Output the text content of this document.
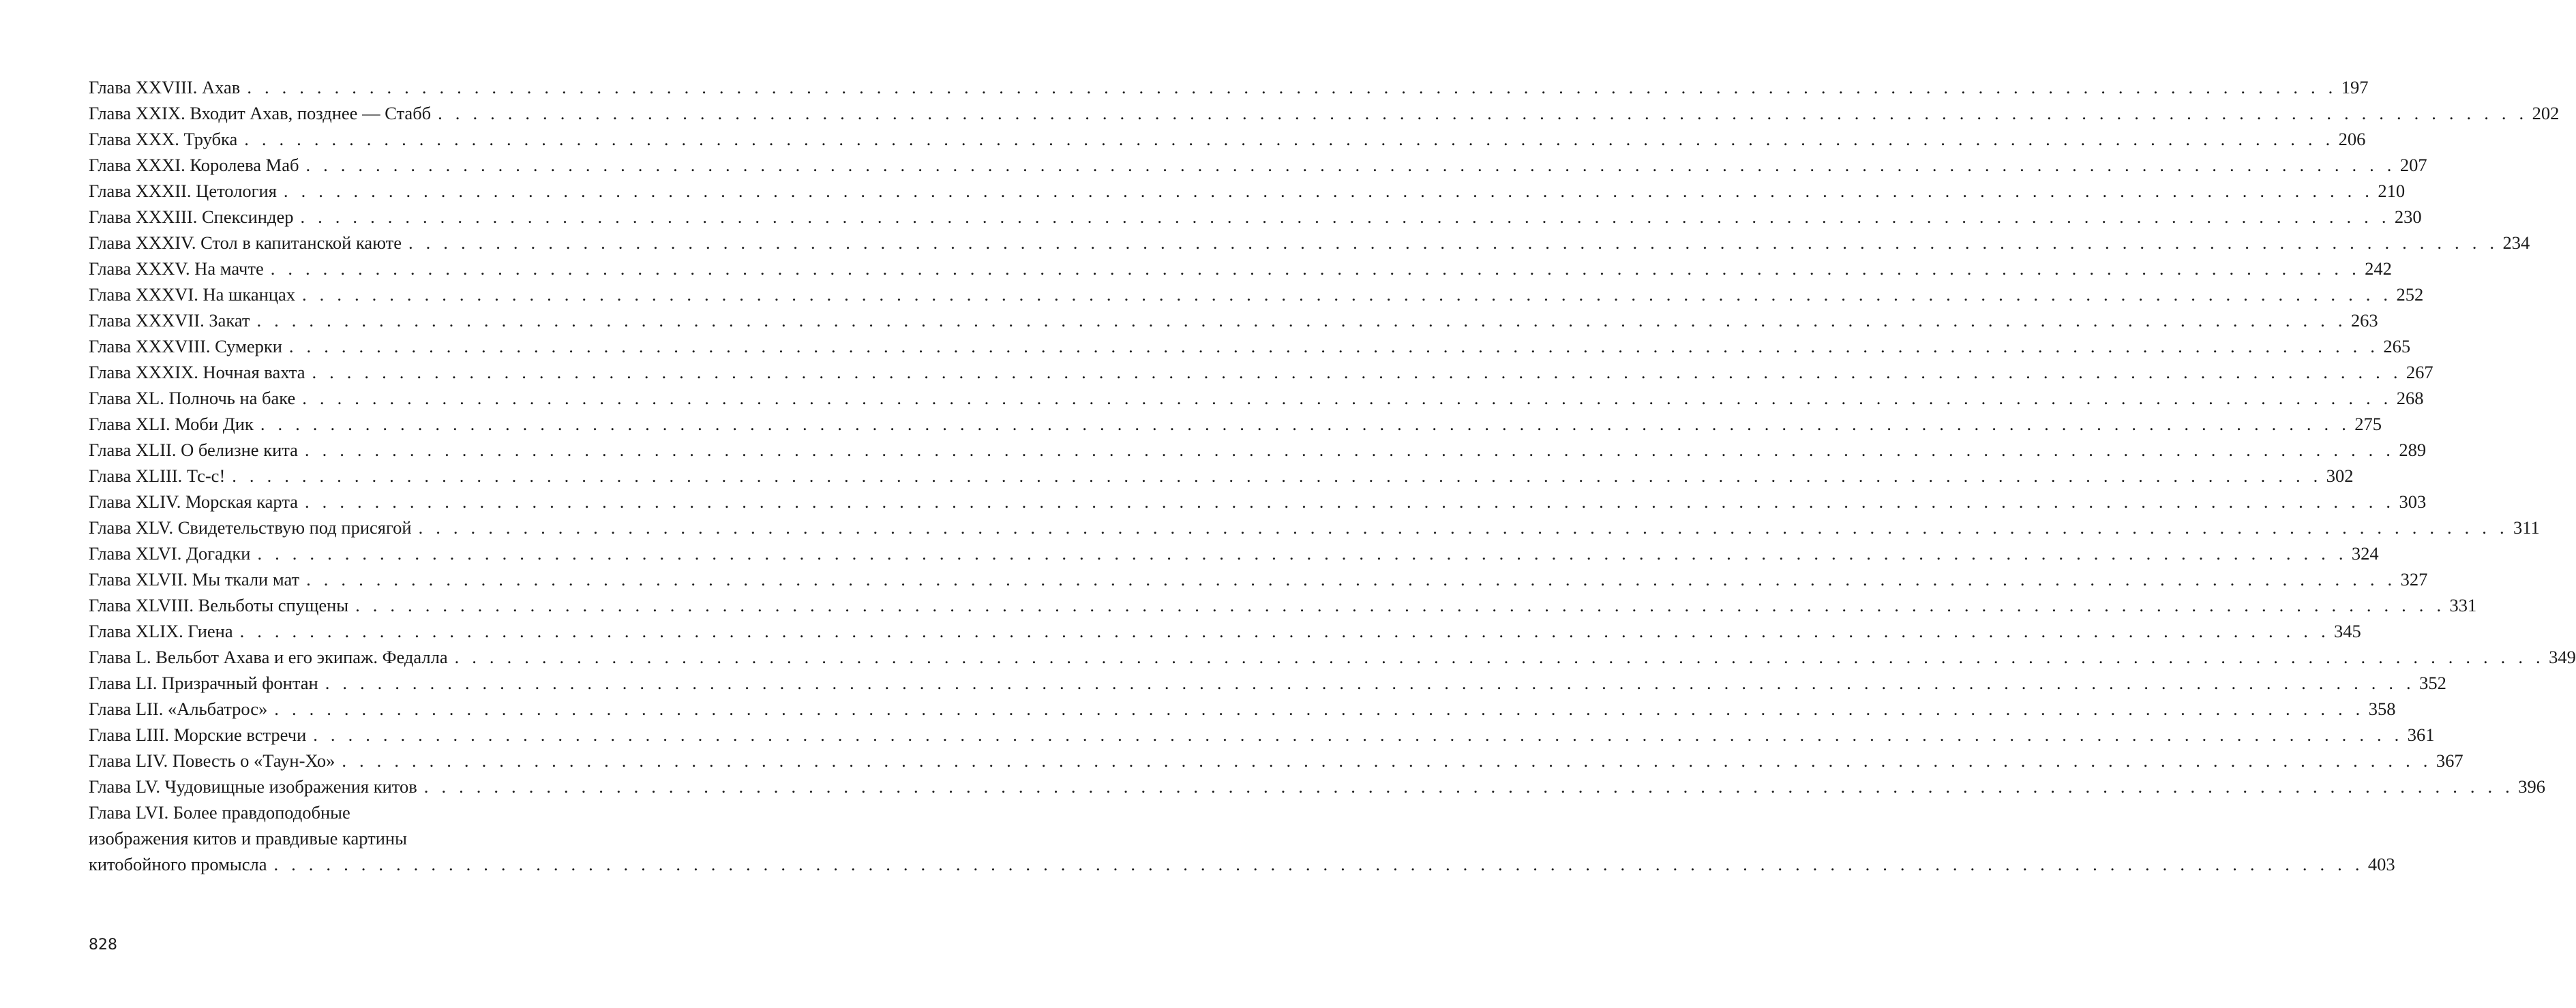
Глава XXVIII. Ахав . . . . . . . . . . . . . . . . . . . . . . . . . . . . . . . . . . . . . . . . . . . . . . . . . . . . . . . . . . . . . . . . . . . . . . . . . . . . . . . . . . . . . . . . . . . . . . . . . . . . . . . . . . . . . . . . . . . . . . . . 197
Глава XXIX. Входит Ахав, позднее — Стабб . . . . . . . . . . . . . . . . . . . . . . . . . . . . . . . . . . . . . . . . . . . . . . . . . . . . . . . . . . . . . . . . . . . . . . . . . . . . . . . . . . . . . . . . . . . . . . . . . . . . . . . . . . . . . . . . . . . . . . . . 202
Глава XXX. Трубка . . . . . . . . . . . . . . . . . . . . . . . . . . . . . . . . . . . . . . . . . . . . . . . . . . . . . . . . . . . . . . . . . . . . . . . . . . . . . . . . . . . . . . . . . . . . . . . . . . . . . . . . . . . . . . . . . . . . . . . . 206
Глава XXXI. Королева Маб . . . . . . . . . . . . . . . . . . . . . . . . . . . . . . . . . . . . . . . . . . . . . . . . . . . . . . . . . . . . . . . . . . . . . . . . . . . . . . . . . . . . . . . . . . . . . . . . . . . . . . . . . . . . . . . . . . . . . . . . 207
Глава XXXII. Цетология . . . . . . . . . . . . . . . . . . . . . . . . . . . . . . . . . . . . . . . . . . . . . . . . . . . . . . . . . . . . . . . . . . . . . . . . . . . . . . . . . . . . . . . . . . . . . . . . . . . . . . . . . . . . . . . . . . . . . . . . 210
Глава XXXIII. Спексиндер . . . . . . . . . . . . . . . . . . . . . . . . . . . . . . . . . . . . . . . . . . . . . . . . . . . . . . . . . . . . . . . . . . . . . . . . . . . . . . . . . . . . . . . . . . . . . . . . . . . . . . . . . . . . . . . . . . . . . . . . 230
Глава XXXIV. Стол в капитанской каюте . . . . . . . . . . . . . . . . . . . . . . . . . . . . . . . . . . . . . . . . . . . . . . . . . . . . . . . . . . . . . . . . . . . . . . . . . . . . . . . . . . . . . . . . . . . . . . . . . . . . . . . . . . . . . . . . . . . . . . . . 234
Глава XXXV. На мачте . . . . . . . . . . . . . . . . . . . . . . . . . . . . . . . . . . . . . . . . . . . . . . . . . . . . . . . . . . . . . . . . . . . . . . . . . . . . . . . . . . . . . . . . . . . . . . . . . . . . . . . . . . . . . . . . . . . . . . . . 242
Глава XXXVI. На шканцах . . . . . . . . . . . . . . . . . . . . . . . . . . . . . . . . . . . . . . . . . . . . . . . . . . . . . . . . . . . . . . . . . . . . . . . . . . . . . . . . . . . . . . . . . . . . . . . . . . . . . . . . . . . . . . . . . . . . . . . . 252
Глава XXXVII. Закат . . . . . . . . . . . . . . . . . . . . . . . . . . . . . . . . . . . . . . . . . . . . . . . . . . . . . . . . . . . . . . . . . . . . . . . . . . . . . . . . . . . . . . . . . . . . . . . . . . . . . . . . . . . . . . . . . . . . . . . . 263
Глава XXXVIII. Сумерки . . . . . . . . . . . . . . . . . . . . . . . . . . . . . . . . . . . . . . . . . . . . . . . . . . . . . . . . . . . . . . . . . . . . . . . . . . . . . . . . . . . . . . . . . . . . . . . . . . . . . . . . . . . . . . . . . . . . . . . . 265
Глава XXXIX. Ночная вахта . . . . . . . . . . . . . . . . . . . . . . . . . . . . . . . . . . . . . . . . . . . . . . . . . . . . . . . . . . . . . . . . . . . . . . . . . . . . . . . . . . . . . . . . . . . . . . . . . . . . . . . . . . . . . . . . . . . . . . . . 267
Глава XL. Полночь на баке . . . . . . . . . . . . . . . . . . . . . . . . . . . . . . . . . . . . . . . . . . . . . . . . . . . . . . . . . . . . . . . . . . . . . . . . . . . . . . . . . . . . . . . . . . . . . . . . . . . . . . . . . . . . . . . . . . . . . . . . 268
Глава XLI. Моби Дик . . . . . . . . . . . . . . . . . . . . . . . . . . . . . . . . . . . . . . . . . . . . . . . . . . . . . . . . . . . . . . . . . . . . . . . . . . . . . . . . . . . . . . . . . . . . . . . . . . . . . . . . . . . . . . . . . . . . . . . . 275
Глава XLII. О белизне кита . . . . . . . . . . . . . . . . . . . . . . . . . . . . . . . . . . . . . . . . . . . . . . . . . . . . . . . . . . . . . . . . . . . . . . . . . . . . . . . . . . . . . . . . . . . . . . . . . . . . . . . . . . . . . . . . . . . . . . . . 289
Глава XLIII. Тс-с! . . . . . . . . . . . . . . . . . . . . . . . . . . . . . . . . . . . . . . . . . . . . . . . . . . . . . . . . . . . . . . . . . . . . . . . . . . . . . . . . . . . . . . . . . . . . . . . . . . . . . . . . . . . . . . . . . . . . . . . . 302
Глава XLIV. Морская карта . . . . . . . . . . . . . . . . . . . . . . . . . . . . . . . . . . . . . . . . . . . . . . . . . . . . . . . . . . . . . . . . . . . . . . . . . . . . . . . . . . . . . . . . . . . . . . . . . . . . . . . . . . . . . . . . . . . . . . . . 303
Глава XLV. Свидетельствую под присягой . . . . . . . . . . . . . . . . . . . . . . . . . . . . . . . . . . . . . . . . . . . . . . . . . . . . . . . . . . . . . . . . . . . . . . . . . . . . . . . . . . . . . . . . . . . . . . . . . . . . . . . . . . . . . . . . . . . . . . . . 311
Глава XLVI. Догадки . . . . . . . . . . . . . . . . . . . . . . . . . . . . . . . . . . . . . . . . . . . . . . . . . . . . . . . . . . . . . . . . . . . . . . . . . . . . . . . . . . . . . . . . . . . . . . . . . . . . . . . . . . . . . . . . . . . . . . . . 324
Глава XLVII. Мы ткали мат . . . . . . . . . . . . . . . . . . . . . . . . . . . . . . . . . . . . . . . . . . . . . . . . . . . . . . . . . . . . . . . . . . . . . . . . . . . . . . . . . . . . . . . . . . . . . . . . . . . . . . . . . . . . . . . . . . . . . . . . 327
Глава XLVIII. Вельботы спущены . . . . . . . . . . . . . . . . . . . . . . . . . . . . . . . . . . . . . . . . . . . . . . . . . . . . . . . . . . . . . . . . . . . . . . . . . . . . . . . . . . . . . . . . . . . . . . . . . . . . . . . . . . . . . . . . . . . . . . . . 331
Глава XLIX. Гиена . . . . . . . . . . . . . . . . . . . . . . . . . . . . . . . . . . . . . . . . . . . . . . . . . . . . . . . . . . . . . . . . . . . . . . . . . . . . . . . . . . . . . . . . . . . . . . . . . . . . . . . . . . . . . . . . . . . . . . . . 345
Глава L. Вельбот Ахава и его экипаж. Федалла . . . . . . . . . . . . . . . . . . . . . . . . . . . . . . . . . . . . . . . . . . . . . . . . . . . . . . . . . . . . . . . . . . . . . . . . . . . . . . . . . . . . . . . . . . . . . . . . . . . . . . . . . . . . . . . . . . . . . . . . 349
Глава LI. Призрачный фонтан . . . . . . . . . . . . . . . . . . . . . . . . . . . . . . . . . . . . . . . . . . . . . . . . . . . . . . . . . . . . . . . . . . . . . . . . . . . . . . . . . . . . . . . . . . . . . . . . . . . . . . . . . . . . . . . . . . . . . . . . 352
Глава LII. «Альбатрос» . . . . . . . . . . . . . . . . . . . . . . . . . . . . . . . . . . . . . . . . . . . . . . . . . . . . . . . . . . . . . . . . . . . . . . . . . . . . . . . . . . . . . . . . . . . . . . . . . . . . . . . . . . . . . . . . . . . . . . . . 358
Глава LIII. Морские встречи . . . . . . . . . . . . . . . . . . . . . . . . . . . . . . . . . . . . . . . . . . . . . . . . . . . . . . . . . . . . . . . . . . . . . . . . . . . . . . . . . . . . . . . . . . . . . . . . . . . . . . . . . . . . . . . . . . . . . . . . 361
Глава LIV. Повесть о «Таун-Хо» . . . . . . . . . . . . . . . . . . . . . . . . . . . . . . . . . . . . . . . . . . . . . . . . . . . . . . . . . . . . . . . . . . . . . . . . . . . . . . . . . . . . . . . . . . . . . . . . . . . . . . . . . . . . . . . . . . . . . . . . 367
Глава LV. Чудовищные изображения китов . . . . . . . . . . . . . . . . . . . . . . . . . . . . . . . . . . . . . . . . . . . . . . . . . . . . . . . . . . . . . . . . . . . . . . . . . . . . . . . . . . . . . . . . . . . . . . . . . . . . . . . . . . . . . . . . . . . . . . . . 396
Глава LVI. Более правдоподобные
изображения китов и правдивые картины
китобойного промысла . . . . . . . . . . . . . . . . . . . . . . . . . . . . . . . . . . . . . . . . . . . . . . . . . . . . . . . . . . . . . . . . . . . . . . . . . . . . . . . . . . . . . . . . . . . . . . . . . . . . . . . . . . . . . . . . . . . . . . . . 403
828
